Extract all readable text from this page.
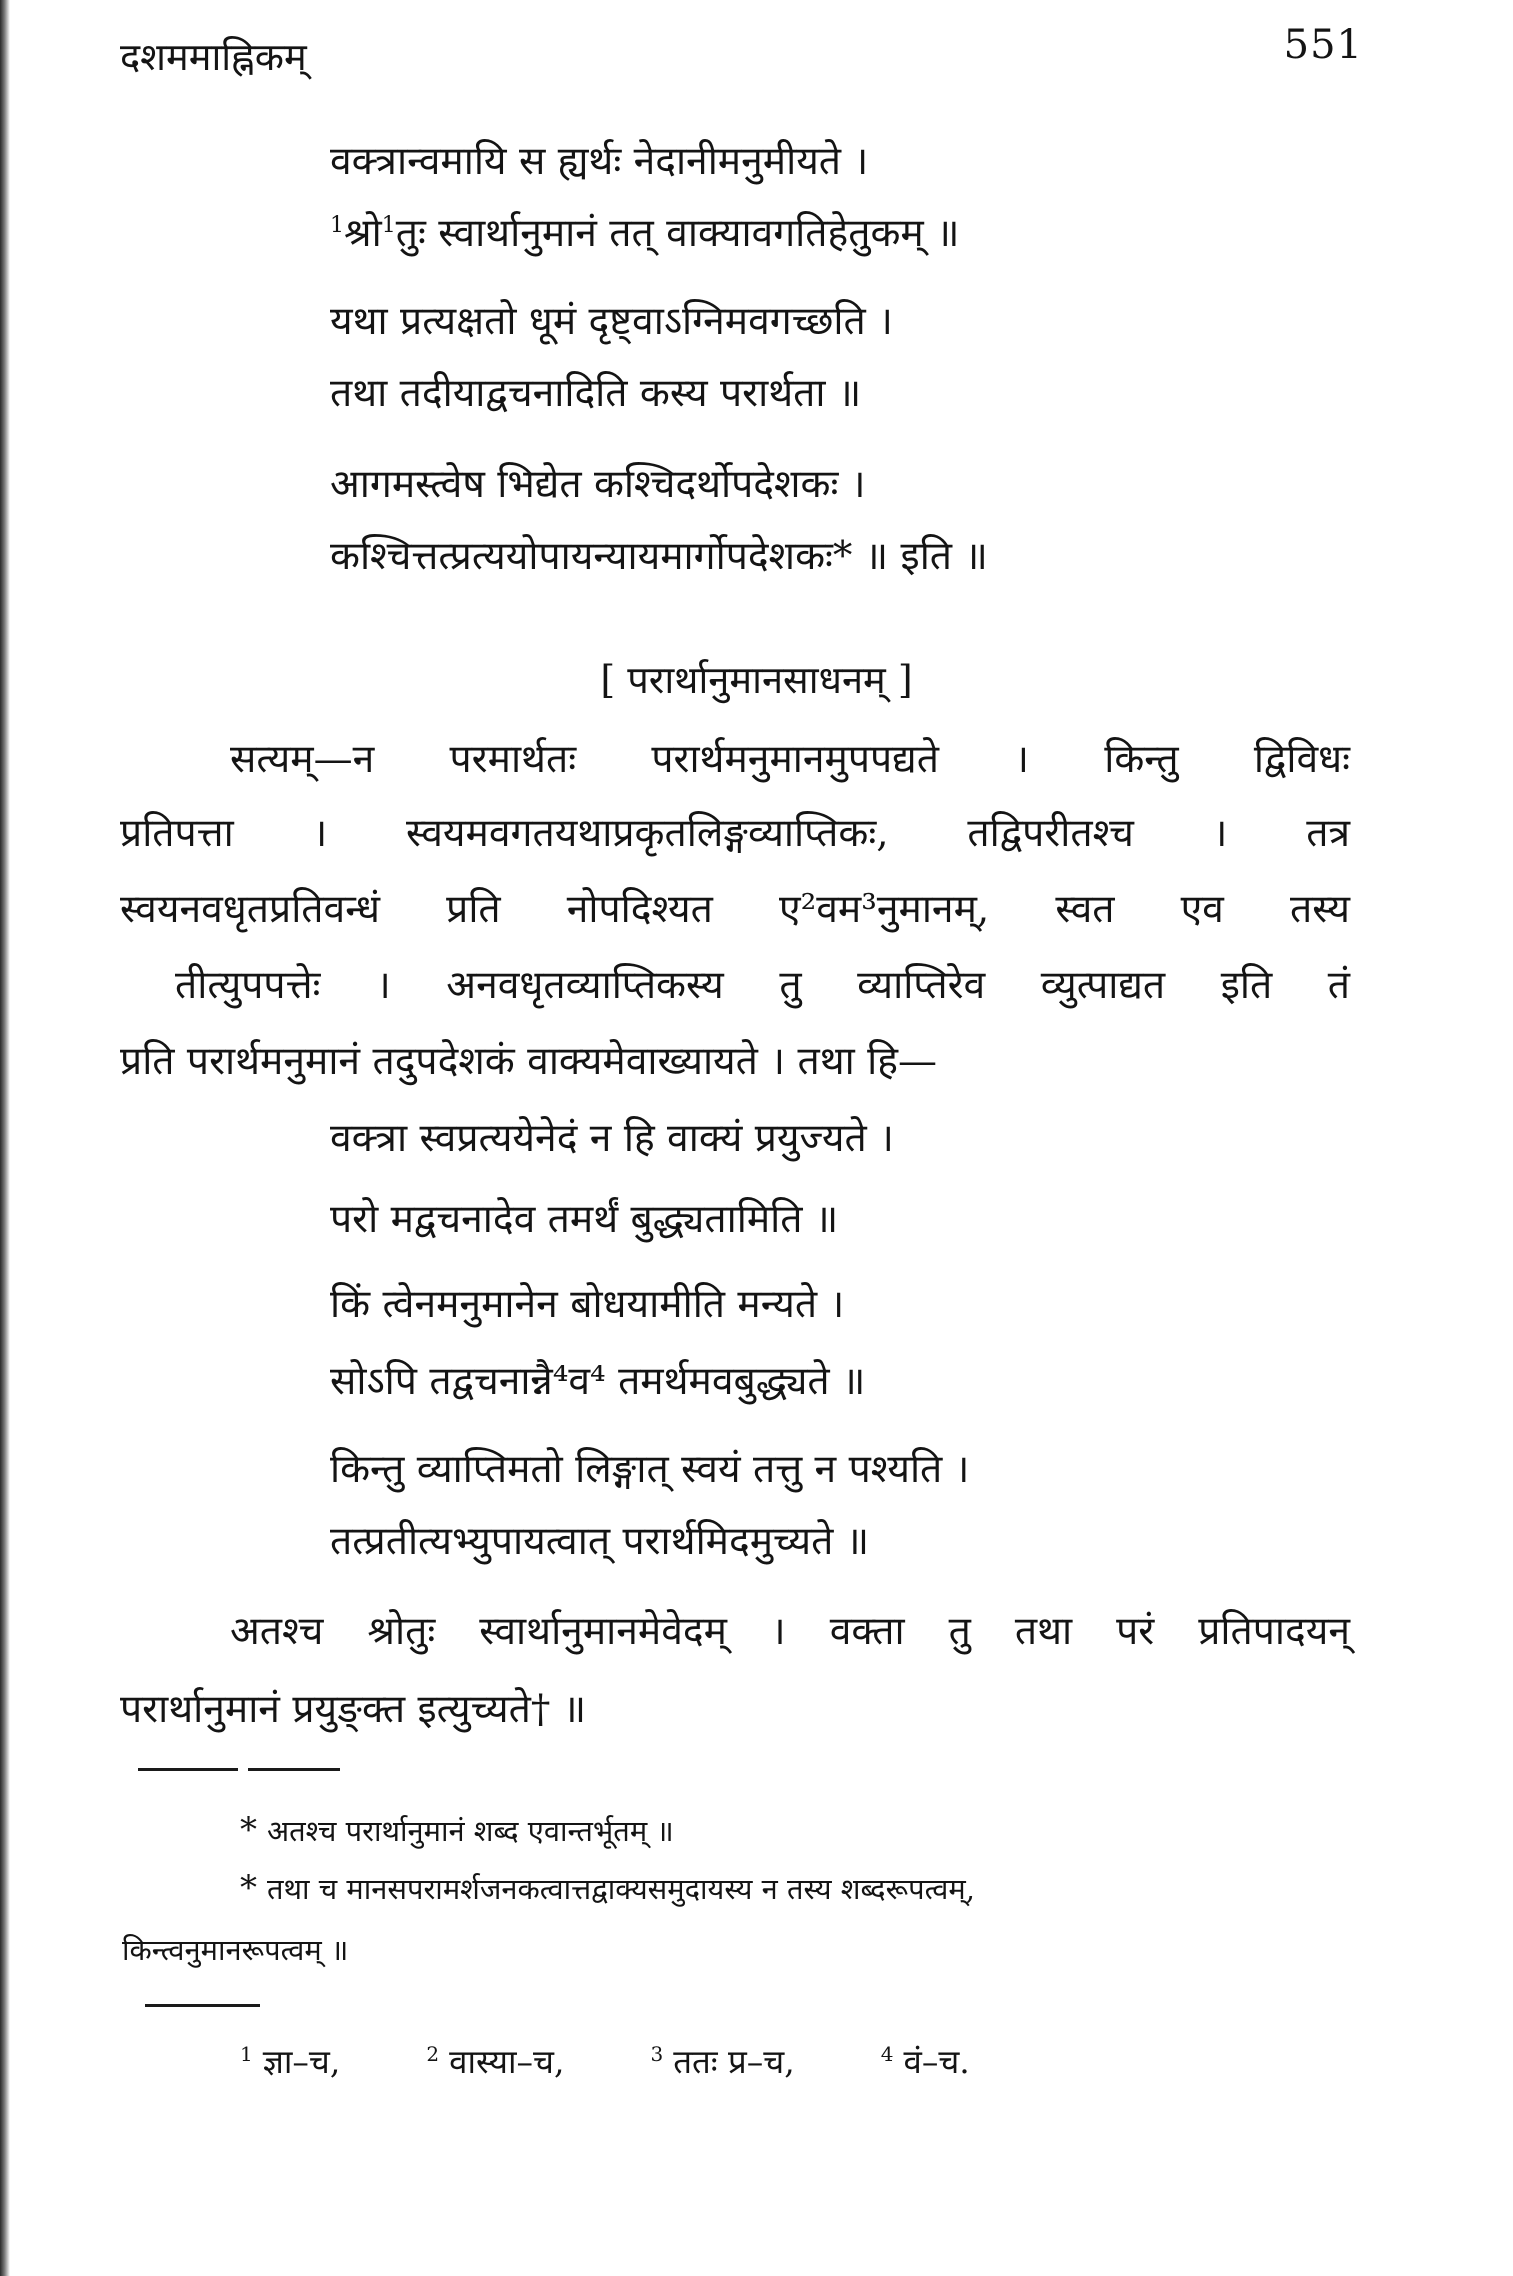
दशममाह्निकम्	551
वक्त्रान्वमायि स ह्यर्थः नेदानीमनुमीयते ।
$^1$श्रो$^1$तुः स्वार्थानुमानं तत् वाक्यावगतिहेतुकम् ॥
यथा प्रत्यक्षतो धूमं दृष्ट्वाऽग्निमवगच्छति ।
तथा तदीयाद्वचनादिति कस्य परार्थता ॥
आगमस्त्वेष भिद्येत कश्चिदर्थोपदेशकः ।
कश्चित्तत्प्रत्ययोपायन्यायमार्गोपदेशकः* ॥ इति ॥
[ परार्थानुमानसाधनम् ]
सत्यम्—न परमार्थतः परार्थमनुमानमुपपद्यते । किन्तु द्विविधः
प्रतिपत्ता । स्वयमवगतयथाप्रकृतलिङ्गव्याप्तिकः, तद्विपरीतश्च । तत्र
स्वयनवधृतप्रतिवन्धं प्रति नोपदिश्यत ए²वम³नुमानम्, स्वत एव तस्य
तीत्युपपत्तेः । अनवधृतव्याप्तिकस्य तु व्याप्तिरेव व्युत्पाद्यत इति तं
प्रति परार्थमनुमानं तदुपदेशकं वाक्यमेवाख्यायते । तथा हि—
वक्त्रा स्वप्रत्ययेनेदं न हि वाक्यं प्रयुज्यते ।
परो मद्वचनादेव तमर्थं बुद्ध्यतामिति ॥
किं त्वेनमनुमानेन बोधयामीति मन्यते ।
सोऽपि तद्वचनान्नै⁴व⁴ तमर्थमवबुद्ध्यते ॥
किन्तु व्याप्तिमतो लिङ्गात् स्वयं तत्तु न पश्यति ।
तत्प्रतीत्यभ्युपायत्वात् परार्थमिदमुच्यते ॥
अतश्च श्रोतुः स्वार्थानुमानमेवेदम् । वक्ता तु तथा परं प्रतिपादयन्
परार्थानुमानं प्रयुङ्क्त इत्युच्यते† ॥
* अतश्च परार्थानुमानं शब्द एवान्तर्भूतम् ॥
* तथा च मानसपरामर्शजनकत्वात्तद्वाक्यसमुदायस्य न तस्य शब्दरूपत्वम्,
किन्त्वनुमानरूपत्वम् ॥
$^1$ ज्ञा–च,	$^2$ वास्या–च,	$^3$ ततः प्र–च,	$^4$ वं–च.
